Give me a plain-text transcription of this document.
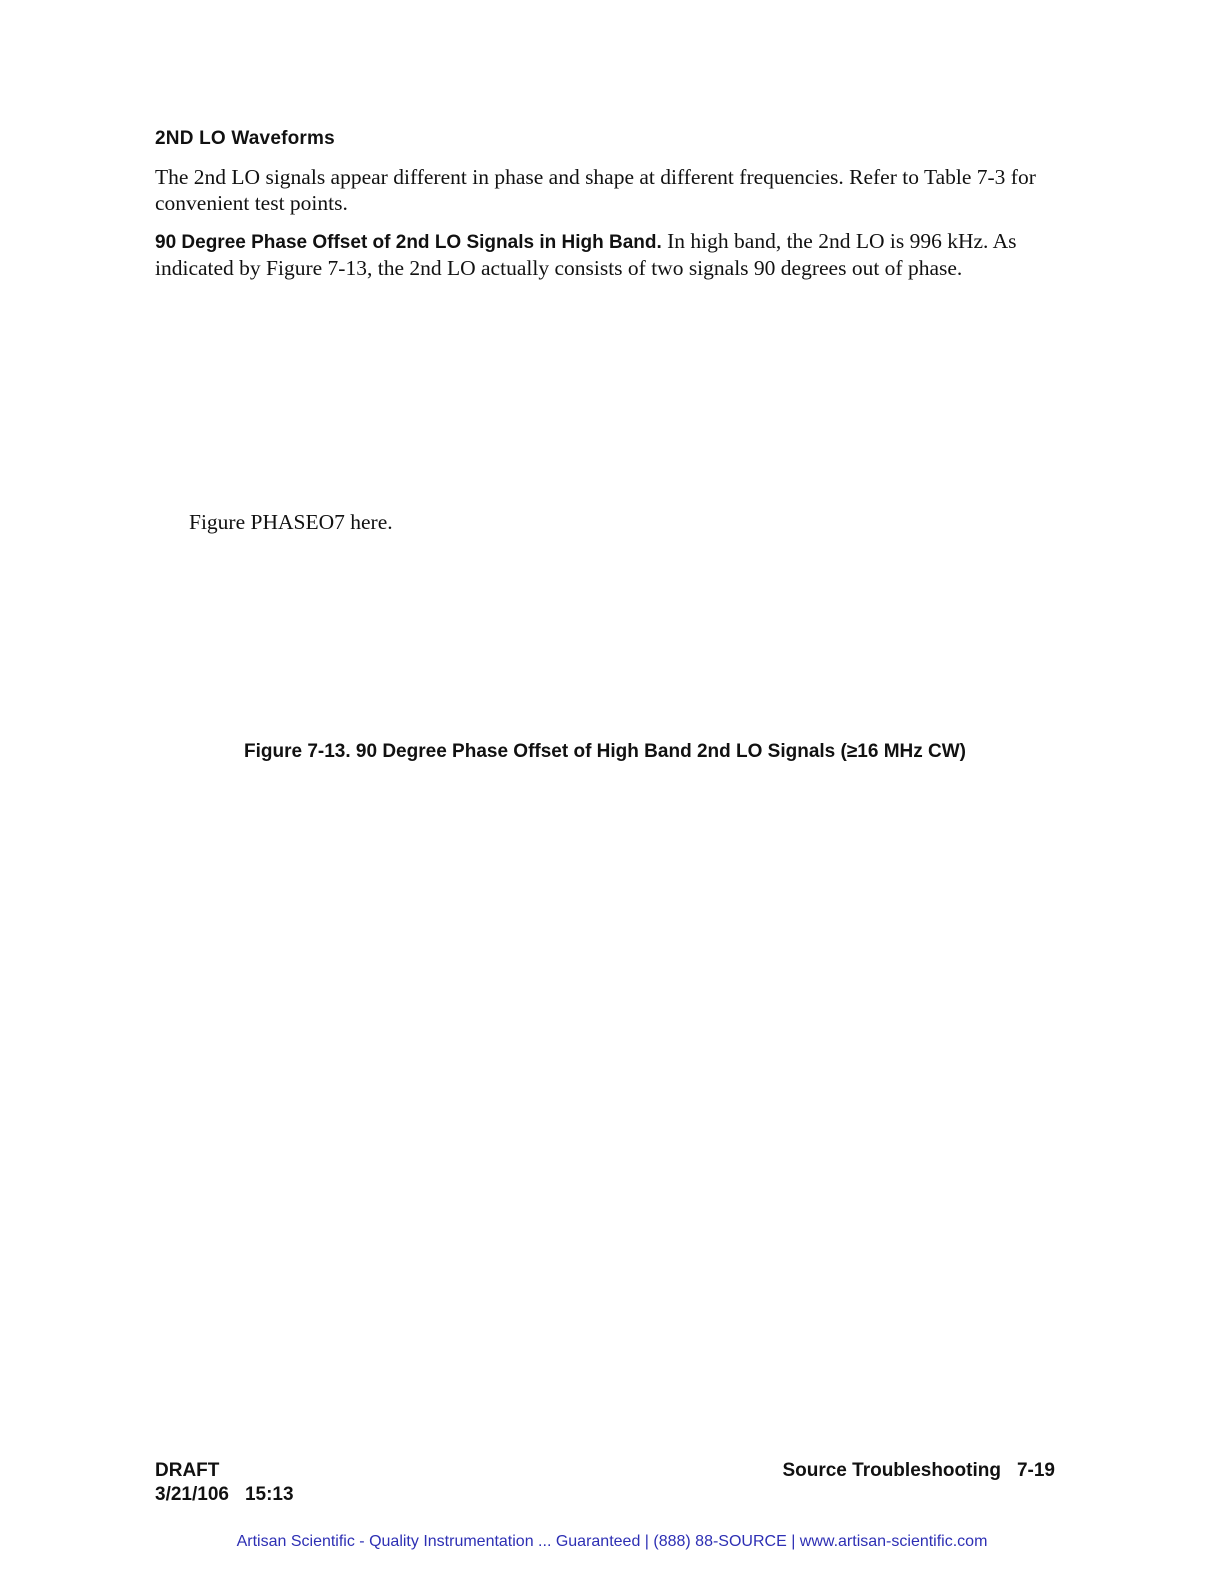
2ND LO Waveforms

The 2nd LO signals appear different in phase and shape at different frequencies. Refer to Table 7-3 for convenient test points.

90 Degree Phase Offset of 2nd LO Signals in High Band. In high band, the 2nd LO is 996 kHz. As indicated by Figure 7-13, the 2nd LO actually consists of two signals 90 degrees out of phase.

Figure PHASEO7 here.
Figure 7-13. 90 Degree Phase Offset of High Band 2nd LO Signals (≥16 MHz CW)
DRAFT
3/21/106 15:13
Source Troubleshooting 7-19
Artisan Scientific - Quality Instrumentation ... Guaranteed | (888) 88-SOURCE | www.artisan-scientific.com
